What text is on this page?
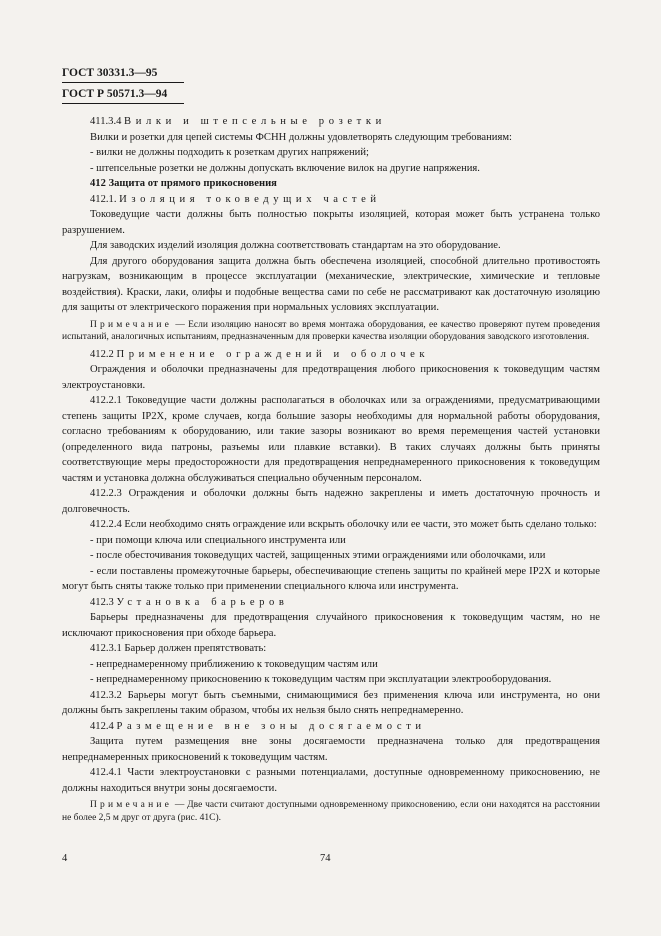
ГОСТ 30331.3—95
ГОСТ Р 50571.3—94

411.3.4 Вилки и штепсельные розетки

Вилки и розетки для цепей системы ФСНН должны удовлетворять следующим требованиям:

- вилки не должны подходить к розеткам других напряжений;

- штепсельные розетки не должны допускать включение вилок на другие напряжения.

412 Защита от прямого прикосновения

412.1. Изоляция токоведущих частей

Токоведущие части должны быть полностью покрыты изоляцией, которая может быть устранена только разрушением.

Для заводских изделий изоляция должна соответствовать стандартам на это оборудование.

Для другого оборудования защита должна быть обеспечена изоляцией, способной длительно противостоять нагрузкам, возникающим в процессе эксплуатации (механические, электрические, химические и тепловые воздействия). Краски, лаки, олифы и подобные вещества сами по себе не рассматривают как достаточную изоляцию для защиты от электрического поражения при нормальных условиях эксплуатации.

Примечание — Если изоляцию наносят во время монтажа оборудования, ее качество проверяют путем проведения испытаний, аналогичных испытаниям, предназначенным для проверки качества изоляции оборудования заводского изготовления.

412.2 Применение ограждений и оболочек

Ограждения и оболочки предназначены для предотвращения любого прикосновения к токоведущим частям электроустановки.

412.2.1 Токоведущие части должны располагаться в оболочках или за ограждениями, предусматривающими степень защиты IP2X, кроме случаев, когда большие зазоры необходимы для нормальной работы оборудования, согласно требованиям к оборудованию, или такие зазоры возникают во время перемещения частей установки (определенного вида патроны, разъемы или плавкие вставки). В таких случаях должны быть приняты соответствующие меры предосторожности для предотвращения непреднамеренного прикосновения к токоведущим частям и установка должна обслуживаться специально обученным персоналом.

412.2.3 Ограждения и оболочки должны быть надежно закреплены и иметь достаточную прочность и долговечность.

412.2.4 Если необходимо снять ограждение или вскрыть оболочку или ее части, это может быть сделано только:

- при помощи ключа или специального инструмента или

- после обесточивания токоведущих частей, защищенных этими ограждениями или оболочками, или

- если поставлены промежуточные барьеры, обеспечивающие степень защиты по крайней мере IP2X и которые могут быть сняты также только при применении специального ключа или инструмента.

412.3 Установка барьеров

Барьеры предназначены для предотвращения случайного прикосновения к токоведущим частям, но не исключают прикосновения при обходе барьера.

412.3.1 Барьер должен препятствовать:

- непреднамеренному приближению к токоведущим частям или

- непреднамеренному прикосновению к токоведущим частям при эксплуатации электрооборудования.

412.3.2 Барьеры могут быть съемными, снимающимися без применения ключа или инструмента, но они должны быть закреплены таким образом, чтобы их нельзя было снять непреднамеренно.

412.4 Размещение вне зоны досягаемости

Защита путем размещения вне зоны досягаемости предназначена только для предотвращения непреднамеренных прикосновений к токоведущим частям.

412.4.1 Части электроустановки с разными потенциалами, доступные одновременному прикосновению, не должны находиться внутри зоны досягаемости.

Примечание — Две части считают доступными одновременному прикосновению, если они находятся на расстоянии не более 2,5 м друг от друга (рис. 41С).

4	74
